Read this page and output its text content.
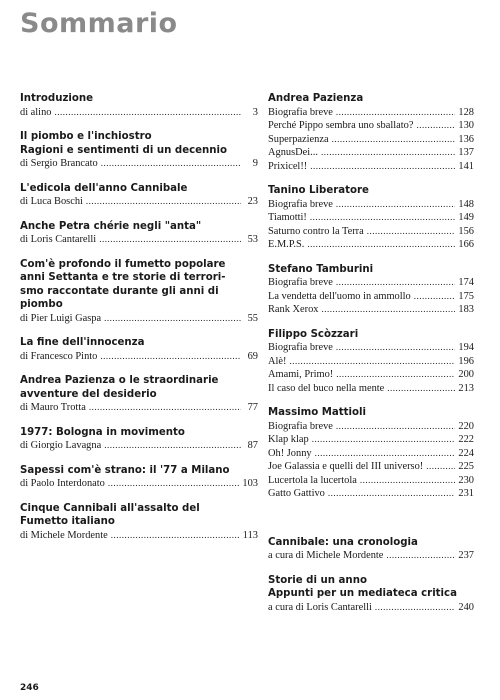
Sommario
Introduzione
di alino .....	3
Il piombo e l'inchiostro
Ragioni e sentimenti di un decennio
di Sergio Brancato .....	9
L'edicola dell'anno Cannibale
di Luca Boschi .....	23
Anche Petra chérie negli "anta"
di Loris Cantarelli .....	53
Com'è profondo il fumetto popolare
anni Settanta e tre storie di terrori-
smo raccontate durante gli anni di
piombo
di Pier Luigi Gaspa .....	55
La fine dell'innocenza
di Francesco Pinto .....	69
Andrea Pazienza o le straordinarie
avventure del desiderio
di Mauro Trotta .....	77
1977: Bologna in movimento
di Giorgio Lavagna .....	87
Sapessi com'è strano: il '77 a Milano
di Paolo Interdonato .....	103
Cinque Cannibali all'assalto del
Fumetto italiano
di Michele Mordente .....	113
Andrea Pazienza
Biografia breve .....	128
Perché Pippo sembra uno sballato? .....	130
Superpazienza .....	136
AgnusDei... .....	137
Prixicel!! .....	141
Tanino Liberatore
Biografia breve .....	148
Tiamotti! .....	149
Saturno contro la Terra .....	156
E.M.P.S. .....	166
Stefano Tamburini
Biografia breve .....	174
La vendetta dell'uomo in ammollo .....	175
Rank Xerox .....	183
Filippo Scòzzari
Biografia breve .....	194
Alè! .....	196
Amami, Primo! .....	200
Il caso del buco nella mente .....	213
Massimo Mattioli
Biografia breve .....	220
Klap klap .....	222
Oh! Jonny .....	224
Joe Galassia e quelli del III universo! .....	225
Lucertola la lucertola .....	230
Gatto Gattivo .....	231
Cannibale: una cronologia
a cura di Michele Mordente .....	237
Storie di un anno
Appunti per un mediateca critica
a cura di Loris Cantarelli .....	240
246
